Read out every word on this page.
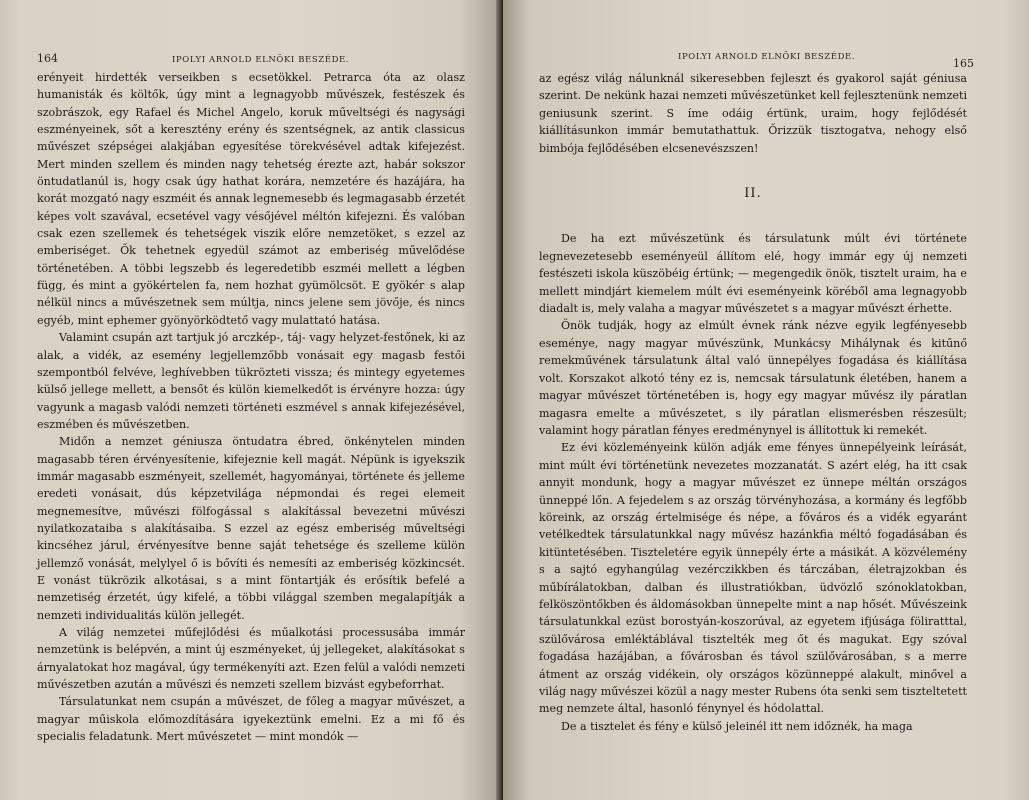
164	IPOLYI ARNOLD ELNÖKI BESZÉDE.

erényeit hirdették verseikben s ecsetökkel. Petrarca óta az olasz humanisták és költők, úgy mint a legnagyobb művészek, festészek és szobrászok, egy Rafael és Michel Angelo, koruk műveltségi és nagysági eszményeinek, sőt a keresztény erény és szentségnek, az antik classicus művészet szépségei alakjában egyesítése törekvésével adtak kifejezést. Mert minden szellem és minden nagy tehetség érezte azt, habár sokszor öntudatlanúl is, hogy csak úgy hathat korára, nemzetére és hazájára, ha korát mozgató nagy eszméit és annak legnemesebb és legmagasabb érzetét képes volt szavával, ecsetével vagy vésőjével méltón kifejezni. És valóban csak ezen szellemek és tehetségek viszik előre nemzetöket, s ezzel az emberiséget. Ők tehetnek egyedül számot az emberiség művelődése történetében. A többi legszebb és legeredetibb eszméi mellett a légben függ, és mint a gyökértelen fa, nem hozhat gyümölcsöt. E gyökér s alap nélkül nincs a művészetnek sem múltja, nincs jelene sem jövője, és nincs egyéb, mint ephemer gyönyörködtető vagy mulattató hatása.

Valamint csupán azt tartjuk jó arczkép-, táj- vagy helyzet-festőnek, ki az alak, a vidék, az esemény legjellemzőbb vonásait egy magasb festői szempontból felvéve, leghívebben tükrözteti vissza; és mintegy egyetemes külső jellege mellett, a bensőt és külön kiemelkedőt is érvényre hozza: úgy vagyunk a magasb valódi nemzeti történeti eszmével s annak kifejezésével, eszmében és művészetben.

Midőn a nemzet géniusza öntudatra ébred, önkénytelen minden magasabb téren érvényesítenie, kifejeznie kell magát. Népünk is igyekszik immár magasabb eszményeit, szellemét, hagyományai, története és jelleme eredeti vonásait, dús képzetvilága népmondai és regei elemeit megnemesítve, művészi fölfogással s alakítással bevezetni művészi nyilatkozataiba s alakításaiba. S ezzel az egész emberiség műveltségi kincséhez járul, érvényesítve benne saját tehetsége és szelleme külön jellemző vonását, melylyel ő is bővíti és nemesíti az emberiség közkincsét. E vonást tükrözik alkotásai, s a mint föntartják és erősítik befelé a nemzetiség érzetét, úgy kifelé, a többi világgal szemben megalapítják a nemzeti individualitás külön jellegét.

A világ nemzetei műfejlődési és műalkotási processusába immár nemzetünk is belépvén, a mint új eszményeket, új jellegeket, alakításokat s árnyalatokat hoz magával, úgy termékenyíti azt. Ezen felül a valódi nemzeti művészetben azután a művészi és nemzeti szellem bizvást egybeforrhat.

Társulatunkat nem csupán a művészet, de főleg a magyar művészet, a magyar műiskola előmozdítására igyekeztünk emelni. Ez a mi fő és specialis feladatunk. Mert művészetet — mint mondók —

IPOLYI ARNOLD ELNÖKI BESZÉDE.	165

az egész világ nálunknál sikeresebben fejleszt és gyakorol saját géniusa szerint. De nekünk hazai nemzeti művészetünket kell fejlesztenünk nemzeti geniusunk szerint. S íme odáig értünk, uraim, hogy fejlődését kiállításunkon immár bemutathattuk. Őrizzük tisztogatva, nehogy első bimbója fejlődésében elcsenevészszen!

II.

De ha ezt művészetünk és társulatunk múlt évi története legnevezetesebb eseményeül állítom elé, hogy immár egy új nemzeti festészeti iskola küszöbéig értünk; — megengedik önök, tisztelt uraim, ha e mellett mindjárt kiemelem múlt évi eseményeink köréből ama legnagyobb diadalt is, mely valaha a magyar művészetet s a magyar művészt érhette.

Önök tudják, hogy az elmúlt évnek ránk nézve egyik legfényesebb eseménye, nagy magyar művészünk, Munkácsy Mihálynak és kitűnő remekművének társulatunk által való ünnepélyes fogadása és kiállítása volt. Korszakot alkotó tény ez is, nemcsak társulatunk életében, hanem a magyar művészet történetében is, hogy egy magyar művész ily páratlan magasra emelte a művészetet, s ily páratlan elismerésben részesült; valamint hogy páratlan fényes eredménynyel is állítottuk ki remekét.

Ez évi közleményeink külön adják eme fényes ünnepélyeink leírását, mint múlt évi történetünk nevezetes mozzanatát. S azért elég, ha itt csak annyit mondunk, hogy a magyar művészet ez ünnepe méltán országos ünneppé lőn. A fejedelem s az ország törvényhozása, a kormány és legfőbb köreink, az ország értelmisége és népe, a főváros és a vidék egyaránt vetélkedtek társulatunkkal nagy művész hazánkfia méltó fogadásában és kitüntetésében. Tiszteletére egyik ünnepély érte a másikát. A közvélemény s a sajtó egyhangúlag vezérczikkben és tárczában, életrajzokban és műbírálatokban, dalban és illustratiókban, üdvözlő szónoklatokban, felköszöntőkben és áldomásokban ünnepelte mint a nap hősét. Művészeink társulatunkkal ezüst borostyán-koszorúval, az egyetem ifjúsága föliratttal, szülővárosa emléktáblával tisztelték meg őt és magukat. Egy szóval fogadása hazájában, a fővárosban és távol szülővárosában, s a merre átment az ország vidékein, oly országos közünneppé alakult, minővel a világ nagy művészei közül a nagy mester Rubens óta senki sem tiszteltetett meg nemzete által, hasonló fénynyel és hódolattal.

De a tisztelet és fény e külső jeleinél itt nem időznék, ha maga
